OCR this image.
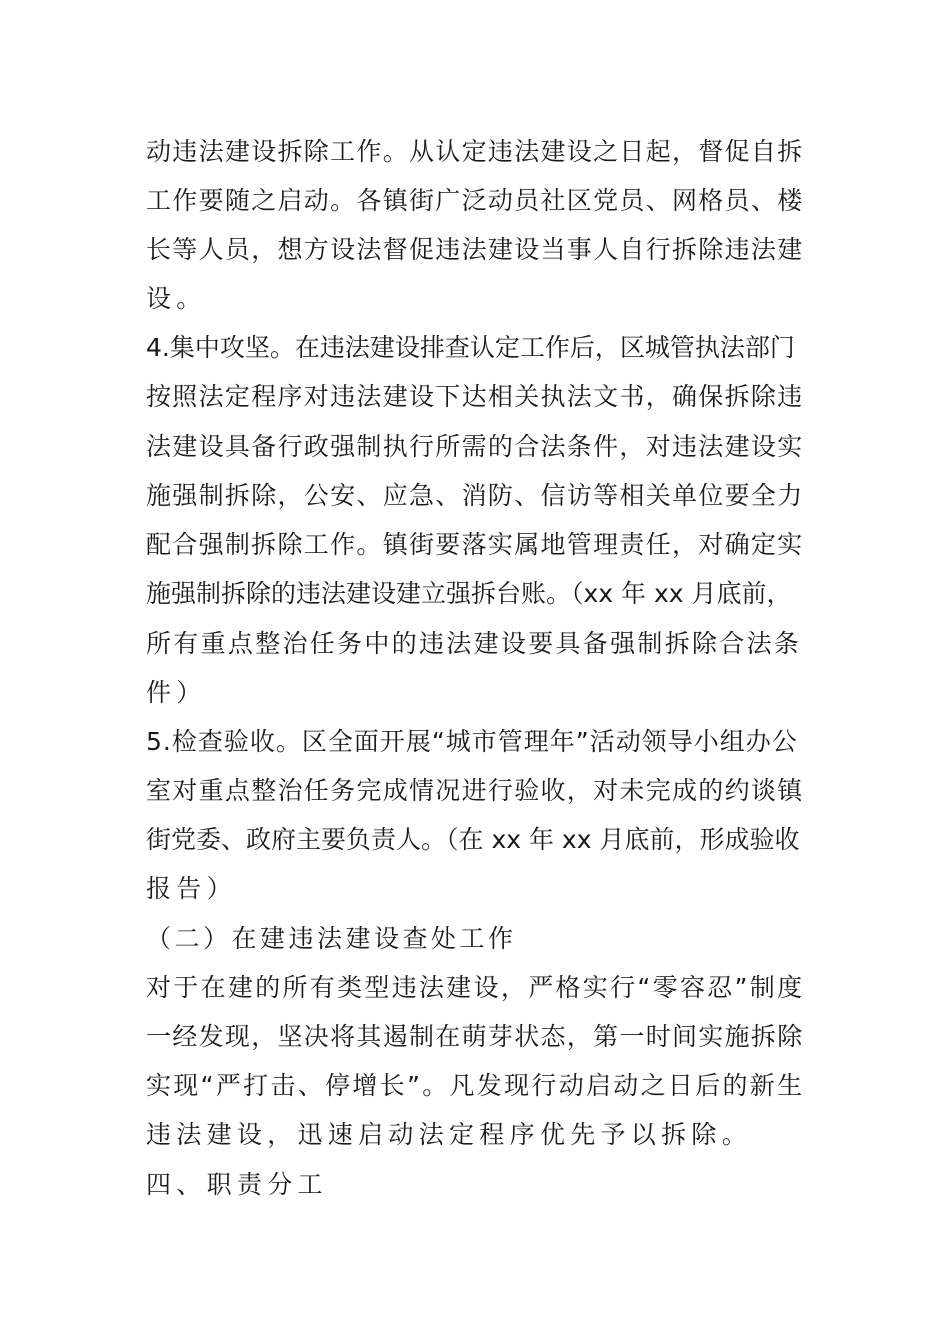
动违法建设拆除工作。从认定违法建设之日起，督促自拆
工作要随之启动。各镇街广泛动员社区党员、网格员、楼
长等人员，想方设法督促违法建设当事人自行拆除违法建
设。
4.集中攻坚。在违法建设排查认定工作后，区城管执法部门
按照法定程序对违法建设下达相关执法文书，确保拆除违
法建设具备行政强制执行所需的合法条件，对违法建设实
施强制拆除，公安、应急、消防、信访等相关单位要全力
配合强制拆除工作。镇街要落实属地管理责任，对确定实
施强制拆除的违法建设建立强拆台账。（xx 年 xx 月底前，
所有重点整治任务中的违法建设要具备强制拆除合法条
件）
5.检查验收。区全面开展“城市管理年”活动领导小组办公
室对重点整治任务完成情况进行验收，对未完成的约谈镇
街党委、政府主要负责人。（在 xx 年 xx 月底前，形成验收
报告）
（二）在建违法建设查处工作
对于在建的所有类型违法建设，严格实行“零容忍”制度
一经发现，坚决将其遏制在萌芽状态，第一时间实施拆除
实现“严打击、停增长”。凡发现行动启动之日后的新生
违法建设，迅速启动法定程序优先予以拆除。
四、职责分工
